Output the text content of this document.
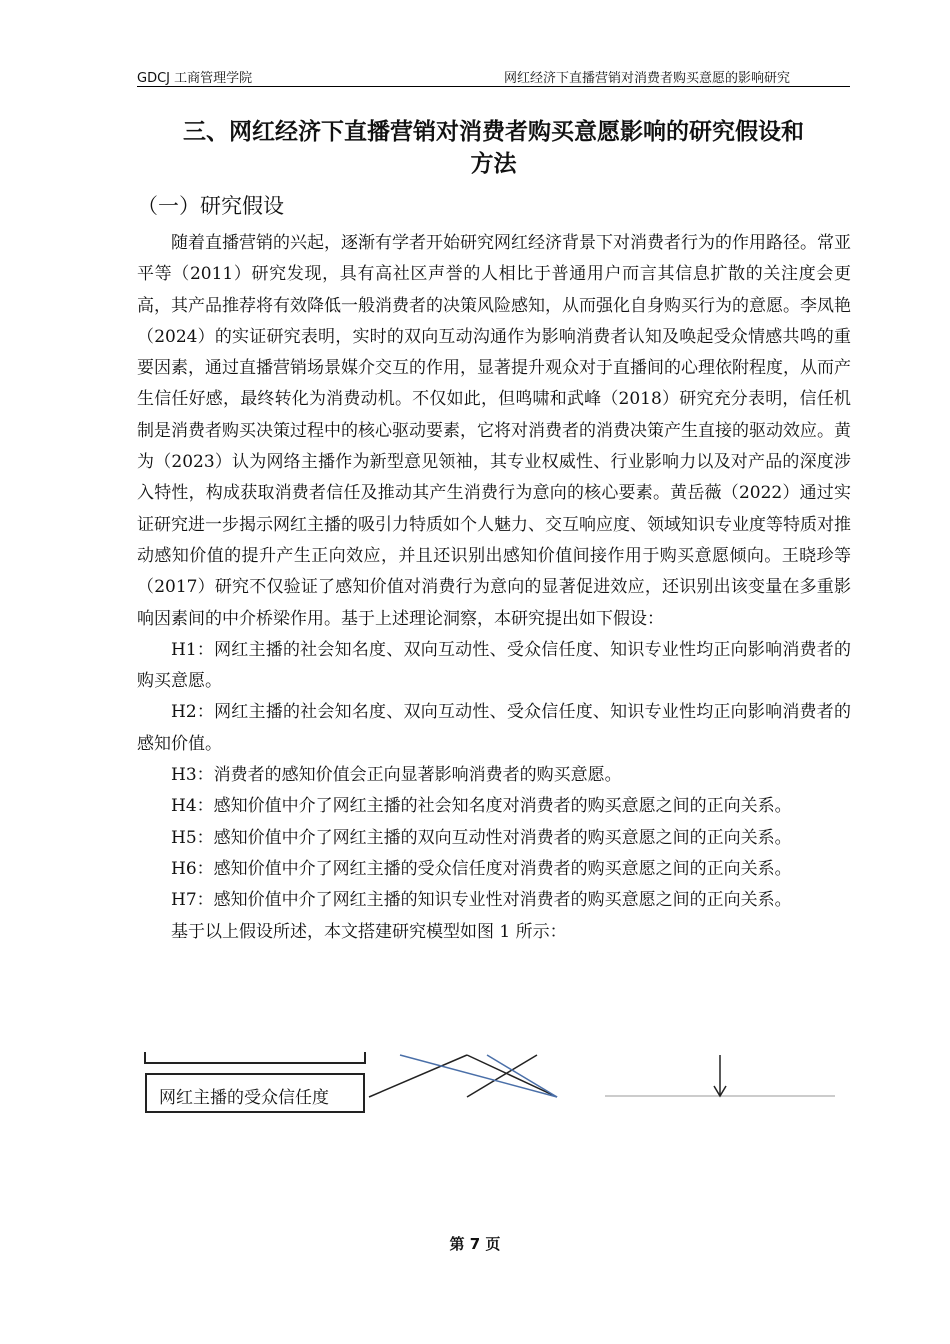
GDCJ 工商管理学院	网红经济下直播营销对消费者购买意愿的影响研究
三、网红经济下直播营销对消费者购买意愿影响的研究假设和
方法
（一）研究假设

随着直播营销的兴起，逐渐有学者开始研究网红经济背景下对消费者行为的作用路径。常亚平等（2011）研究发现，具有高社区声誉的人相比于普通用户而言其信息扩散的关注度会更高，其产品推荐将有效降低一般消费者的决策风险感知，从而强化自身购买行为的意愿。李凤艳（2024）的实证研究表明，实时的双向互动沟通作为影响消费者认知及唤起受众情感共鸣的重要因素，通过直播营销场景媒介交互的作用，显著提升观众对于直播间的心理依附程度，从而产生信任好感，最终转化为消费动机。不仅如此，但鸣啸和武峰（2018）研究充分表明，信任机制是消费者购买决策过程中的核心驱动要素，它将对消费者的消费决策产生直接的驱动效应。黄为（2023）认为网络主播作为新型意见领袖，其专业权威性、行业影响力以及对产品的深度涉入特性，构成获取消费者信任及推动其产生消费行为意向的核心要素。黄岳薇（2022）通过实证研究进一步揭示网红主播的吸引力特质如个人魅力、交互响应度、领域知识专业度等特质对推动感知价值的提升产生正向效应，并且还识别出感知价值间接作用于购买意愿倾向。王晓珍等（2017）研究不仅验证了感知价值对消费行为意向的显著促进效应，还识别出该变量在多重影响因素间的中介桥梁作用。基于上述理论洞察，本研究提出如下假设：

H1：网红主播的社会知名度、双向互动性、受众信任度、知识专业性均正向影响消费者的购买意愿。

H2：网红主播的社会知名度、双向互动性、受众信任度、知识专业性均正向影响消费者的感知价值。

H3：消费者的感知价值会正向显著影响消费者的购买意愿。

H4：感知价值中介了网红主播的社会知名度对消费者的购买意愿之间的正向关系。

H5：感知价值中介了网红主播的双向互动性对消费者的购买意愿之间的正向关系。

H6：感知价值中介了网红主播的受众信任度对消费者的购买意愿之间的正向关系。

H7：感知价值中介了网红主播的知识专业性对消费者的购买意愿之间的正向关系。

基于以上假设所述，本文搭建研究模型如图 1 所示：

网红主播的受众信任度
第 7 页
